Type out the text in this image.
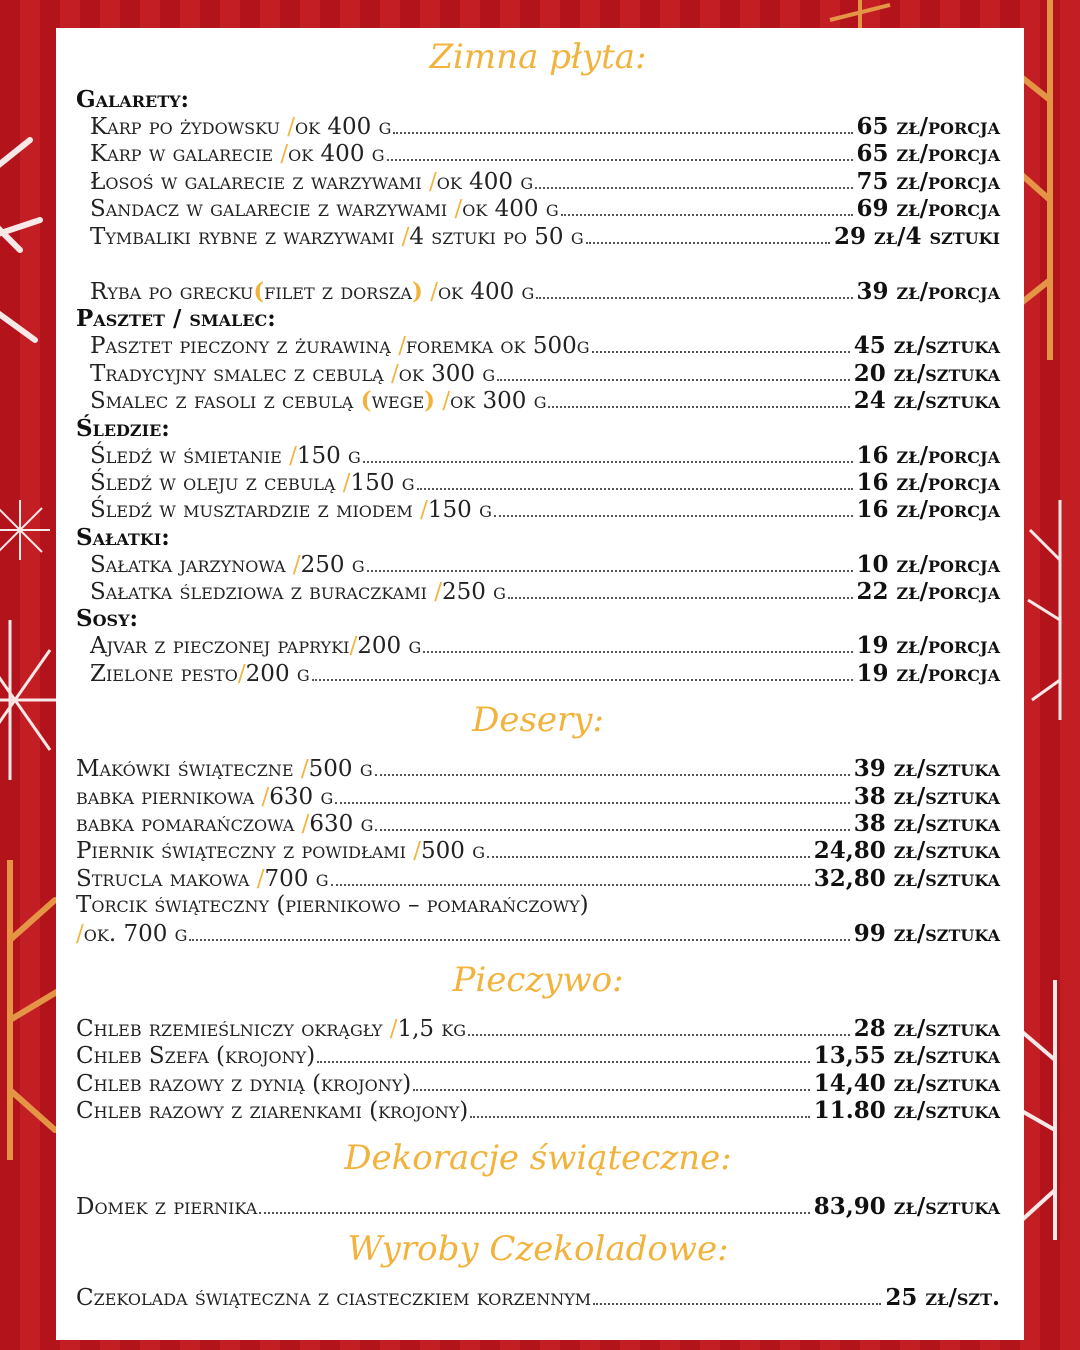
Zimna płyta:
Galarety:
Karp po żydowsku /ok 400 g	65 zł/porcja
Karp w galarecie /ok 400 g	65 zł/porcja
Łosoś w galarecie z warzywami /ok 400 g	75 zł/porcja
Sandacz w galarecie z warzywami /ok 400 g	69 zł/porcja
Tymbaliki rybne z warzywami /4 sztuki po 50 g	29 zł/4 sztuki
Ryba po grecku(filet z dorsza) /ok 400 g	39 zł/porcja
Pasztet / smalec:
Pasztet pieczony z żurawiną /foremka ok 500g	45 zł/sztuka
Tradycyjny smalec z cebulą /ok 300 g	20 zł/sztuka
Smalec z fasoli z cebulą (wege) /ok 300 g	24 zł/sztuka
Śledzie:
Śledź w śmietanie /150 g	16 zł/porcja
Śledź w oleju z cebulą /150 g	16 zł/porcja
Śledź w musztardzie z miodem /150 g	16 zł/porcja
Sałatki:
Sałatka jarzynowa /250 g	10 zł/porcja
Sałatka śledziowa z buraczkami /250 g	22 zł/porcja
Sosy:
Ajvar z pieczonej papryki/200 g	19 zł/porcja
Zielone pesto/200 g	19 zł/porcja
Desery:
Makówki świąteczne /500 g	39 zł/sztuka
babka piernikowa /630 g	38 zł/sztuka
babka pomarańczowa /630 g	38 zł/sztuka
Piernik świąteczny z powidłami /500 g	24,80 zł/sztuka
Strucla makowa /700 g	32,80 zł/sztuka
Torcik świąteczny (piernikowo – pomarańczowy)
/ok. 700 g	99 zł/sztuka
Pieczywo:
Chleb rzemieślniczy okrągły /1,5 kg	28 zł/sztuka
Chleb Szefa (krojony)	13,55 zł/sztuka
Chleb razowy z dynią (krojony)	14,40 zł/sztuka
Chleb razowy z ziarenkami (krojony)	11.80 zł/sztuka
Dekoracje świąteczne:
Domek z piernika	83,90 zł/sztuka
Wyroby Czekoladowe:
Czekolada świąteczna z ciasteczkiem korzennym	25 zł/szt.
